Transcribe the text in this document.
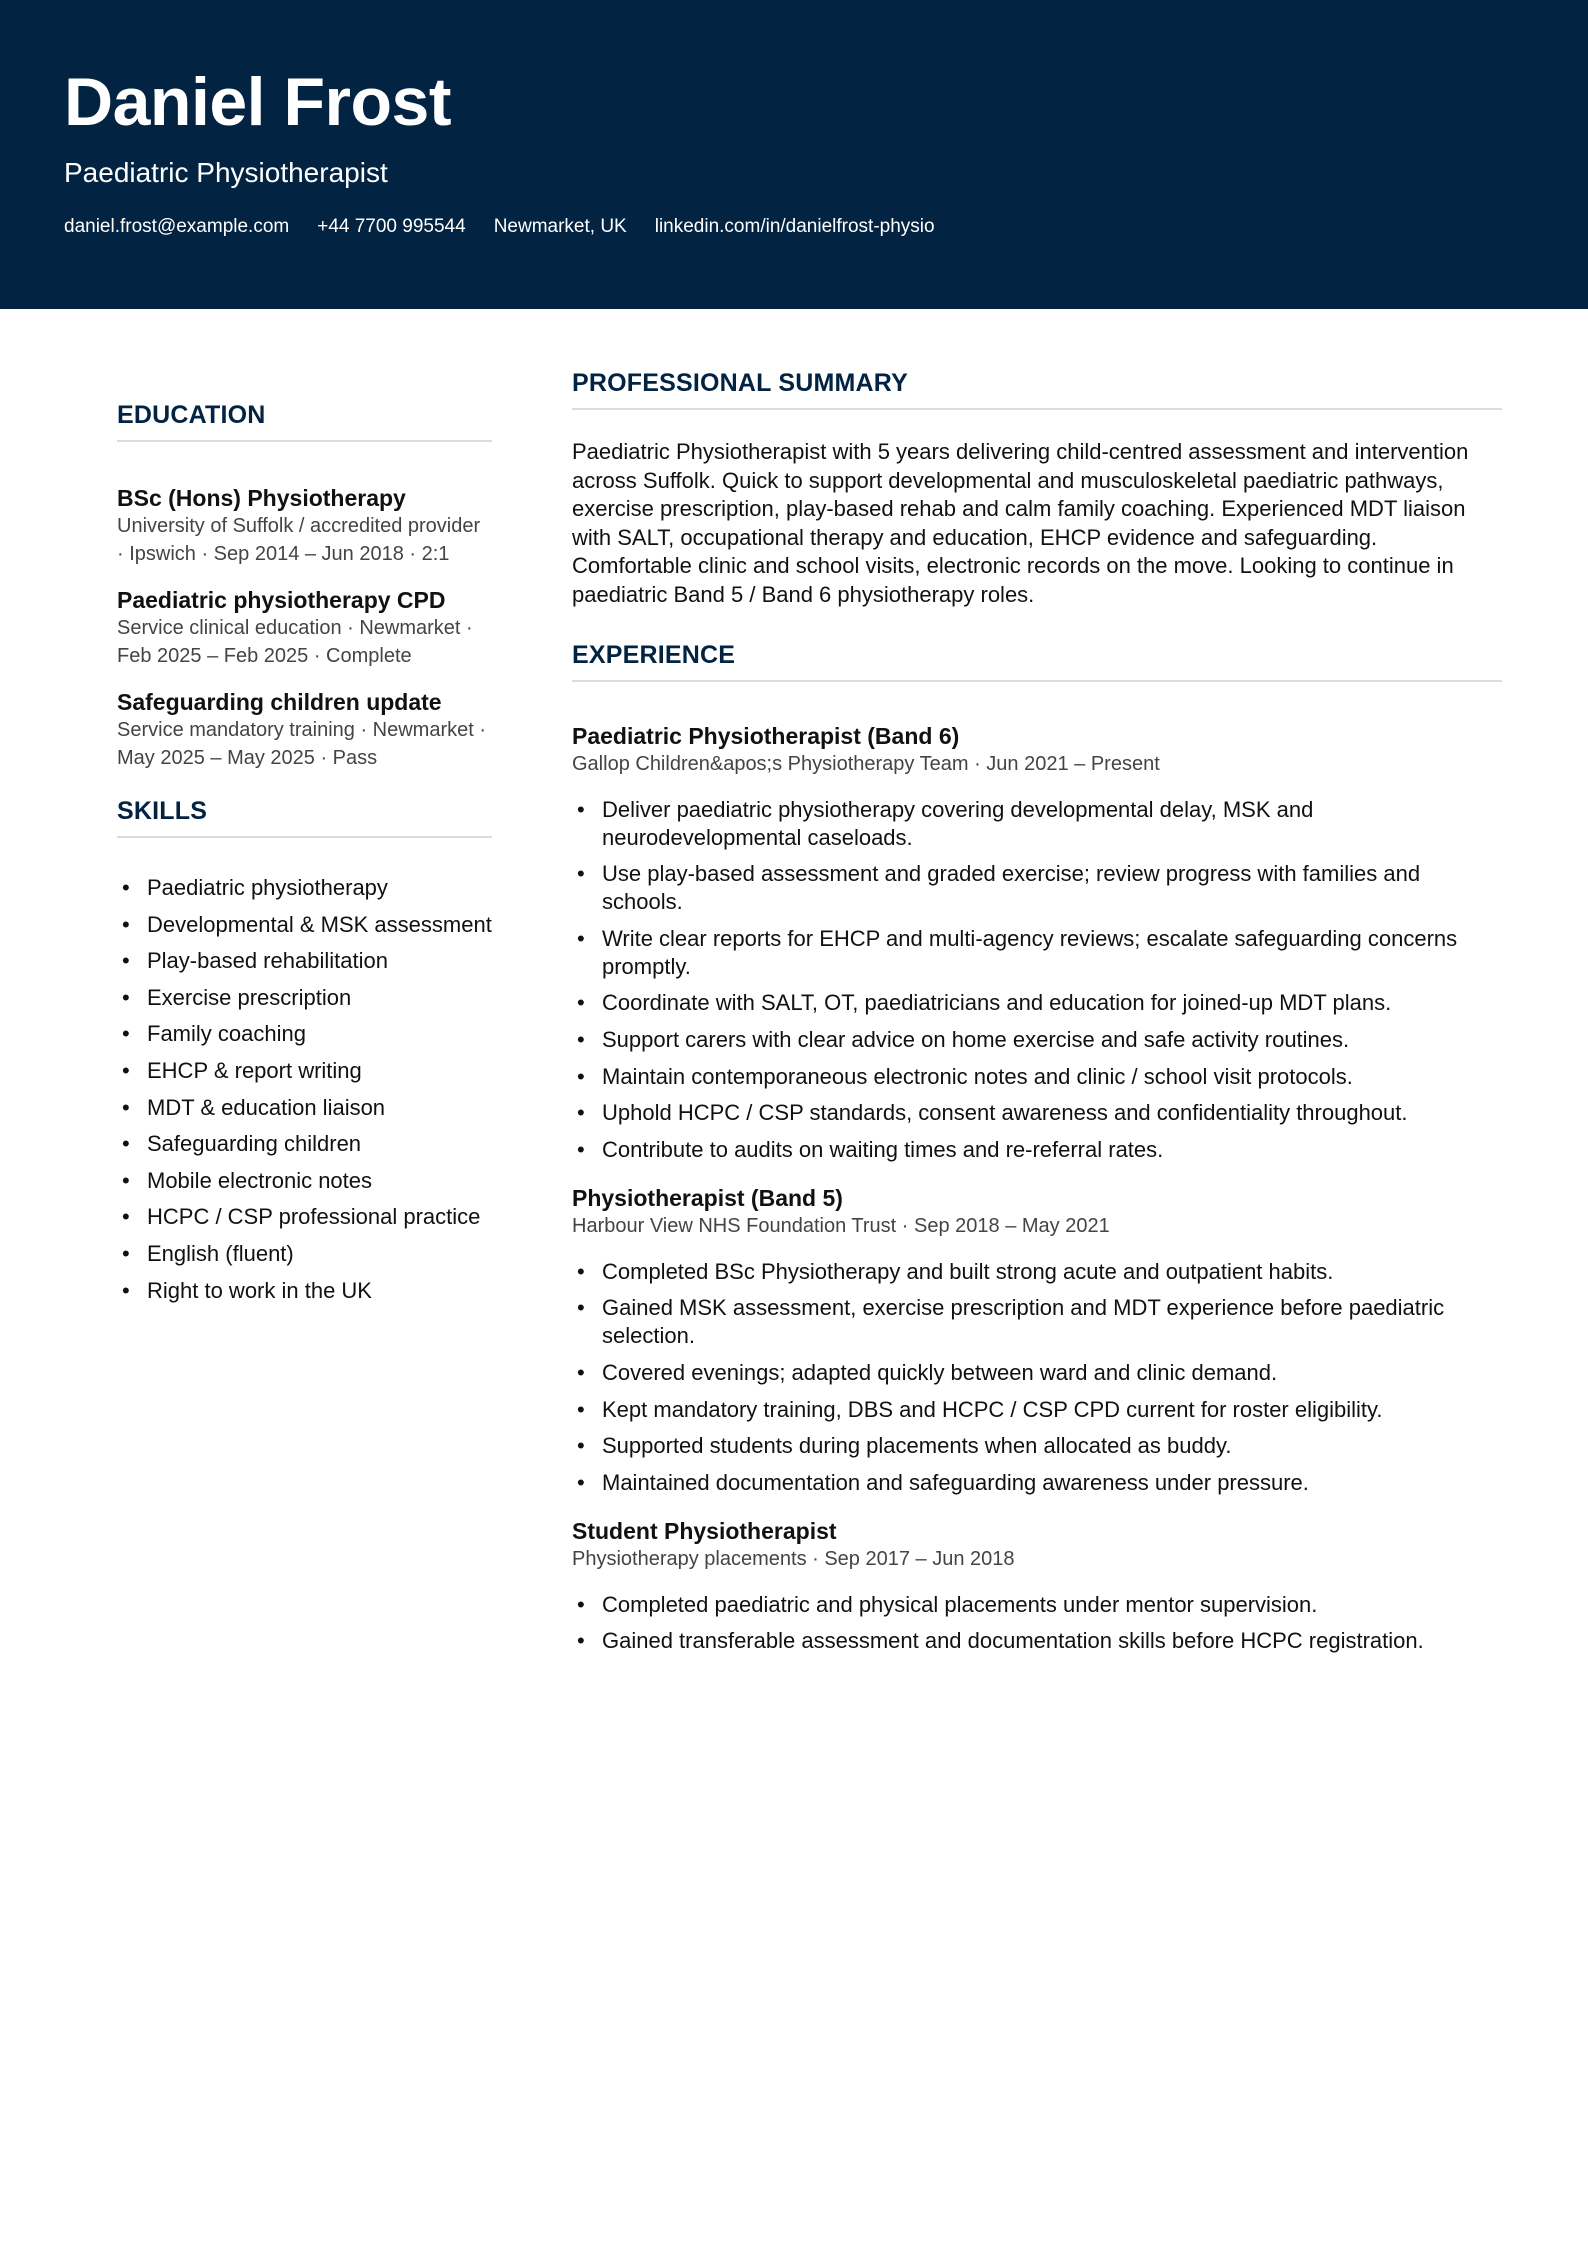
Daniel Frost
Paediatric Physiotherapist
daniel.frost@example.com +44 7700 995544 Newmarket, UK linkedin.com/in/danielfrost-physio
EDUCATION
BSc (Hons) Physiotherapy
University of Suffolk / accredited provider · Ipswich · Sep 2014 – Jun 2018 · 2:1
Paediatric physiotherapy CPD
Service clinical education · Newmarket · Feb 2025 – Feb 2025 · Complete
Safeguarding children update
Service mandatory training · Newmarket · May 2025 – May 2025 · Pass
SKILLS
• Paediatric physiotherapy
• Developmental & MSK assessment
• Play-based rehabilitation
• Exercise prescription
• Family coaching
• EHCP & report writing
• MDT & education liaison
• Safeguarding children
• Mobile electronic notes
• HCPC / CSP professional practice
• English (fluent)
• Right to work in the UK
PROFESSIONAL SUMMARY

Paediatric Physiotherapist with 5 years delivering child-centred assessment and intervention across Suffolk. Quick to support developmental and musculoskeletal paediatric pathways, exercise prescription, play-based rehab and calm family coaching. Experienced MDT liaison with SALT, occupational therapy and education, EHCP evidence and safeguarding. Comfortable clinic and school visits, electronic records on the move. Looking to continue in paediatric Band 5 / Band 6 physiotherapy roles.

EXPERIENCE
Paediatric Physiotherapist (Band 6)
Gallop Children&apos;s Physiotherapy Team · Jun 2021 – Present
• Deliver paediatric physiotherapy covering developmental delay, MSK and neurodevelopmental caseloads.
• Use play-based assessment and graded exercise; review progress with families and schools.
• Write clear reports for EHCP and multi-agency reviews; escalate safeguarding concerns promptly.
• Coordinate with SALT, OT, paediatricians and education for joined-up MDT plans.
• Support carers with clear advice on home exercise and safe activity routines.
• Maintain contemporaneous electronic notes and clinic / school visit protocols.
• Uphold HCPC / CSP standards, consent awareness and confidentiality throughout.
• Contribute to audits on waiting times and re-referral rates.
Physiotherapist (Band 5)
Harbour View NHS Foundation Trust · Sep 2018 – May 2021
• Completed BSc Physiotherapy and built strong acute and outpatient habits.
• Gained MSK assessment, exercise prescription and MDT experience before paediatric selection.
• Covered evenings; adapted quickly between ward and clinic demand.
• Kept mandatory training, DBS and HCPC / CSP CPD current for roster eligibility.
• Supported students during placements when allocated as buddy.
• Maintained documentation and safeguarding awareness under pressure.
Student Physiotherapist
Physiotherapy placements · Sep 2017 – Jun 2018
• Completed paediatric and physical placements under mentor supervision.
• Gained transferable assessment and documentation skills before HCPC registration.
